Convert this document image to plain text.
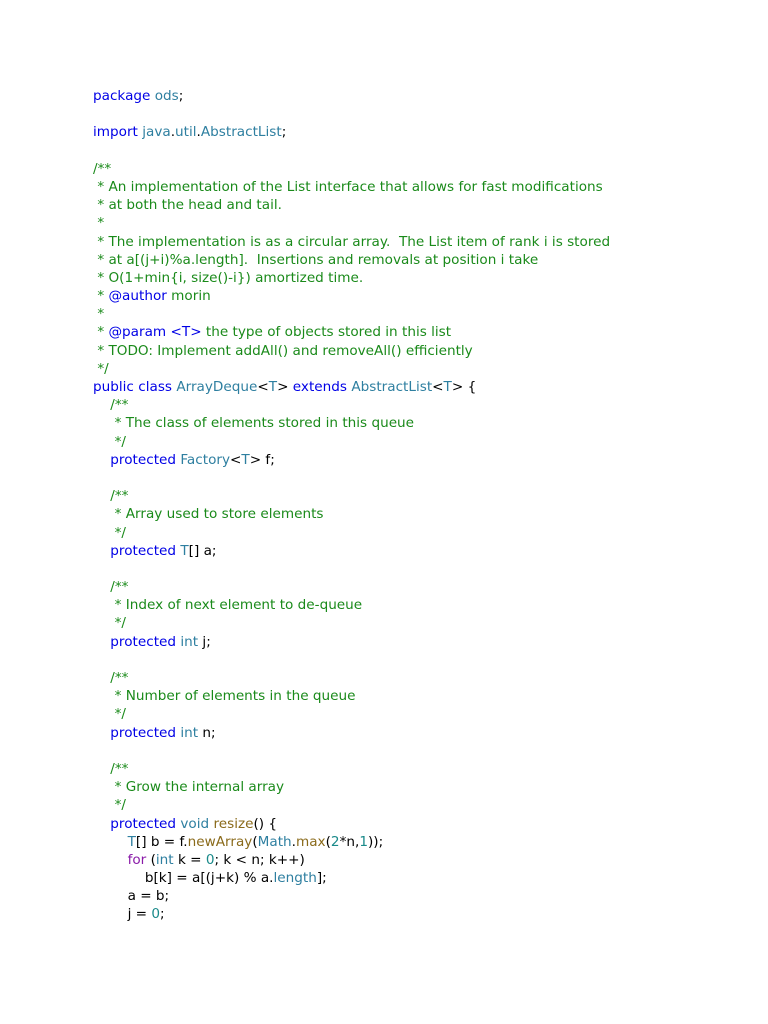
package ods;

import java.util.AbstractList;

/**
* An implementation of the List interface that allows for fast modifications
* at both the head and tail.
*
* The implementation is as a circular array.  The List item of rank i is stored
* at a[(j+i)%a.length].  Insertions and removals at position i take
* O(1+min{i, size()-i}) amortized time.
* @author morin
*
* @param <T> the type of objects stored in this list
* TODO: Implement addAll() and removeAll() efficiently
*/
public class ArrayDeque<T> extends AbstractList<T> {
/**
* The class of elements stored in this queue
*/
protected Factory<T> f;

/**
* Array used to store elements
*/
protected T[] a;

/**
* Index of next element to de-queue
*/
protected int j;

/**
* Number of elements in the queue
*/
protected int n;

/**
* Grow the internal array
*/
protected void resize() {
T[] b = f.newArray(Math.max(2*n,1));
for (int k = 0; k < n; k++)
b[k] = a[(j+k) % a.length];
a = b;
j = 0;
